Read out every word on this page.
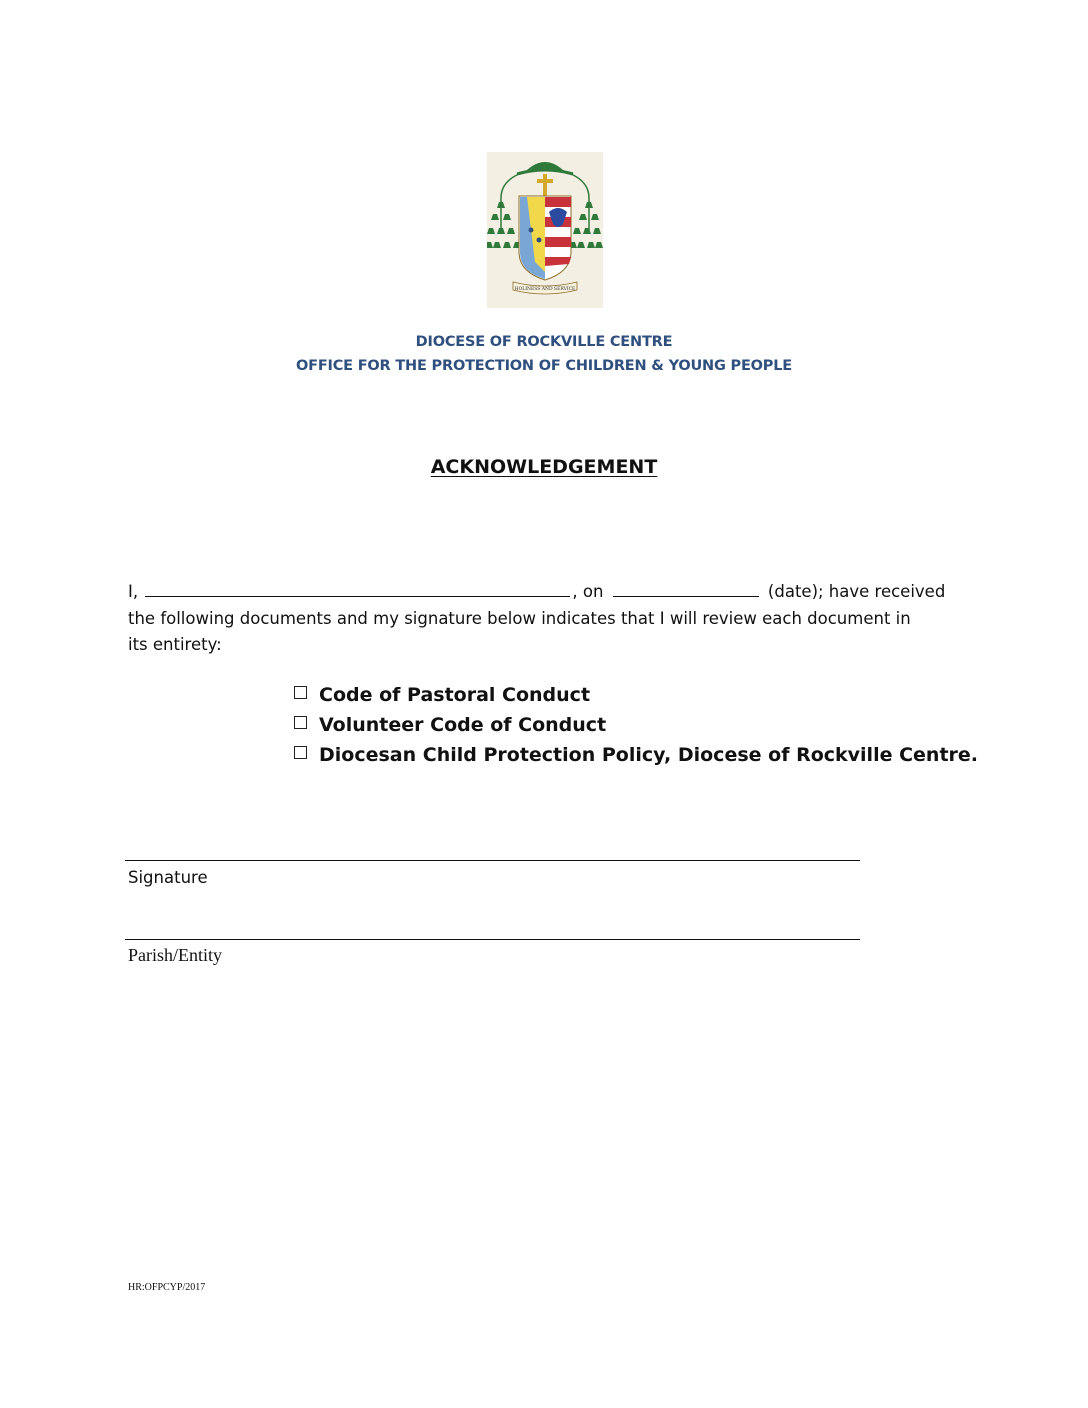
HOLINESS AND SERVICE
DIOCESE OF ROCKVILLE CENTRE
OFFICE FOR THE PROTECTION OF CHILDREN & YOUNG PEOPLE
ACKNOWLEDGEMENT
I,	, on	(date); have received
the following documents and my signature below indicates that I will review each document in
its entirety:
Code of Pastoral Conduct
Volunteer Code of Conduct
Diocesan Child Protection Policy, Diocese of Rockville Centre.
Signature
Parish/Entity
HR:OFPCYP/2017
